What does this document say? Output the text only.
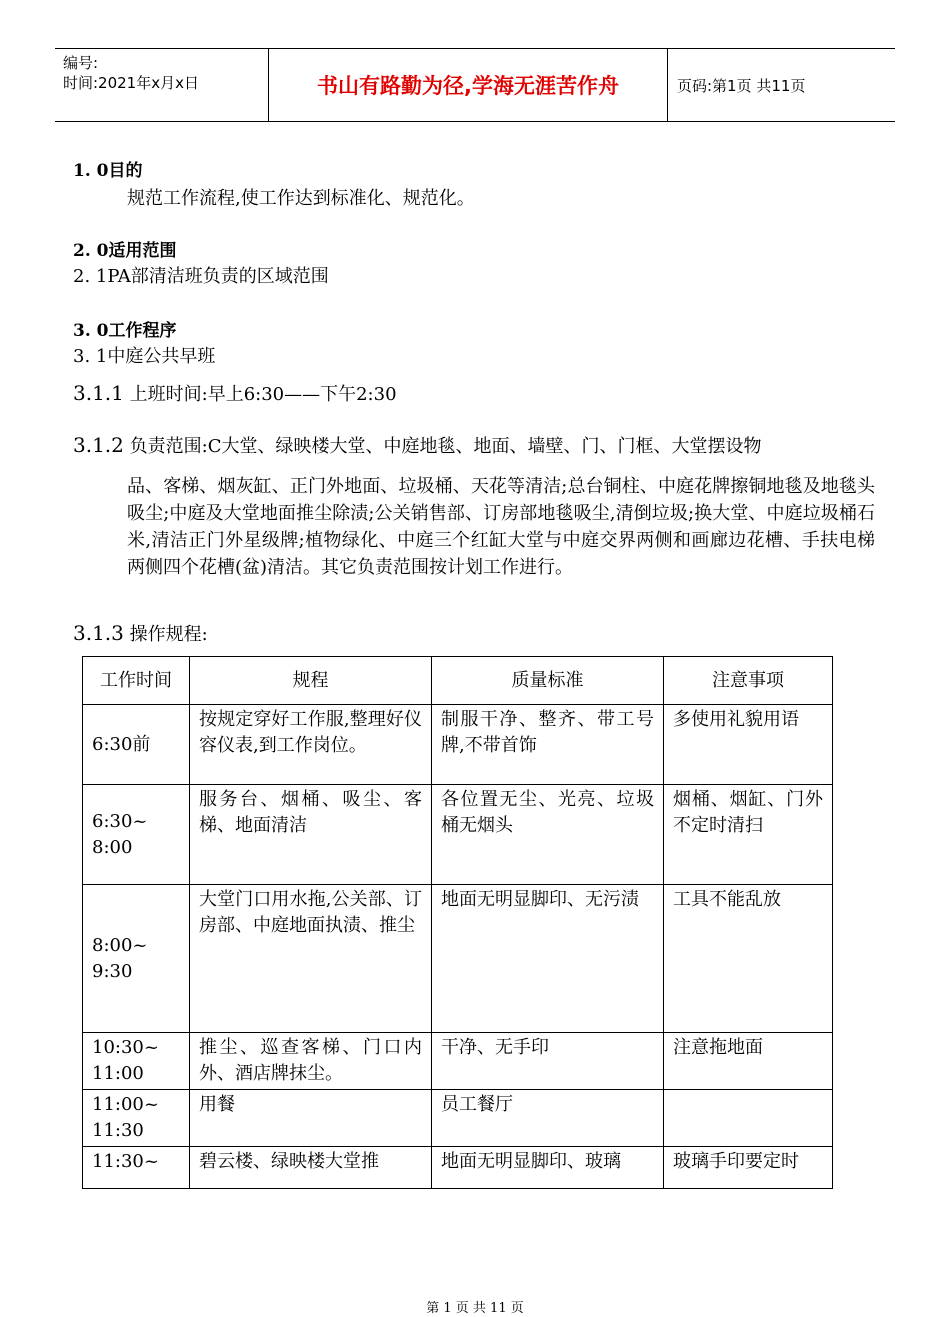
编号:
时间:2021年x月x日	书山有路勤为径,学海无涯苦作舟	页码:第1页 共11页
1. 0目的
规范工作流程,使工作达到标准化、规范化。
2. 0适用范围
2. 1PA部清洁班负责的区域范围
3. 0工作程序
3. 1中庭公共早班
3.1.1 上班时间:早上6:30——下午2:30
3.1.2 负责范围:C大堂、绿映楼大堂、中庭地毯、地面、墙壁、门、门框、大堂摆设物
品、客梯、烟灰缸、正门外地面、垃圾桶、天花等清洁;总台铜柱、中庭花牌擦铜地毯及地毯头吸尘;中庭及大堂地面推尘除渍;公关销售部、订房部地毯吸尘,清倒垃圾;换大堂、中庭垃圾桶石米,清洁正门外星级牌;植物绿化、中庭三个红缸大堂与中庭交界两侧和画廊边花槽、手扶电梯两侧四个花槽(盆)清洁。其它负责范围按计划工作进行。
3.1.3 操作规程:
工作时间	规程	质量标准	注意事项
6:30前	按规定穿好工作服,整理好仪容仪表,到工作岗位。	制服干净、整齐、带工号牌,不带首饰	多使用礼貌用语
6:30~ 8:00	服务台、烟桶、吸尘、客梯、地面清洁	各位置无尘、光亮、垃圾桶无烟头	烟桶、烟缸、门外不定时清扫
8:00~ 9:30	大堂门口用水拖,公关部、订房部、中庭地面执渍、推尘	地面无明显脚印、无污渍	工具不能乱放
10:30~ 11:00	推尘、巡查客梯、门口内外、酒店牌抹尘。	干净、无手印	注意拖地面
11:00~ 11:30	用餐	员工餐厅	
11:30~	碧云楼、绿映楼大堂推	地面无明显脚印、玻璃	玻璃手印要定时
第 1 页 共 11 页
